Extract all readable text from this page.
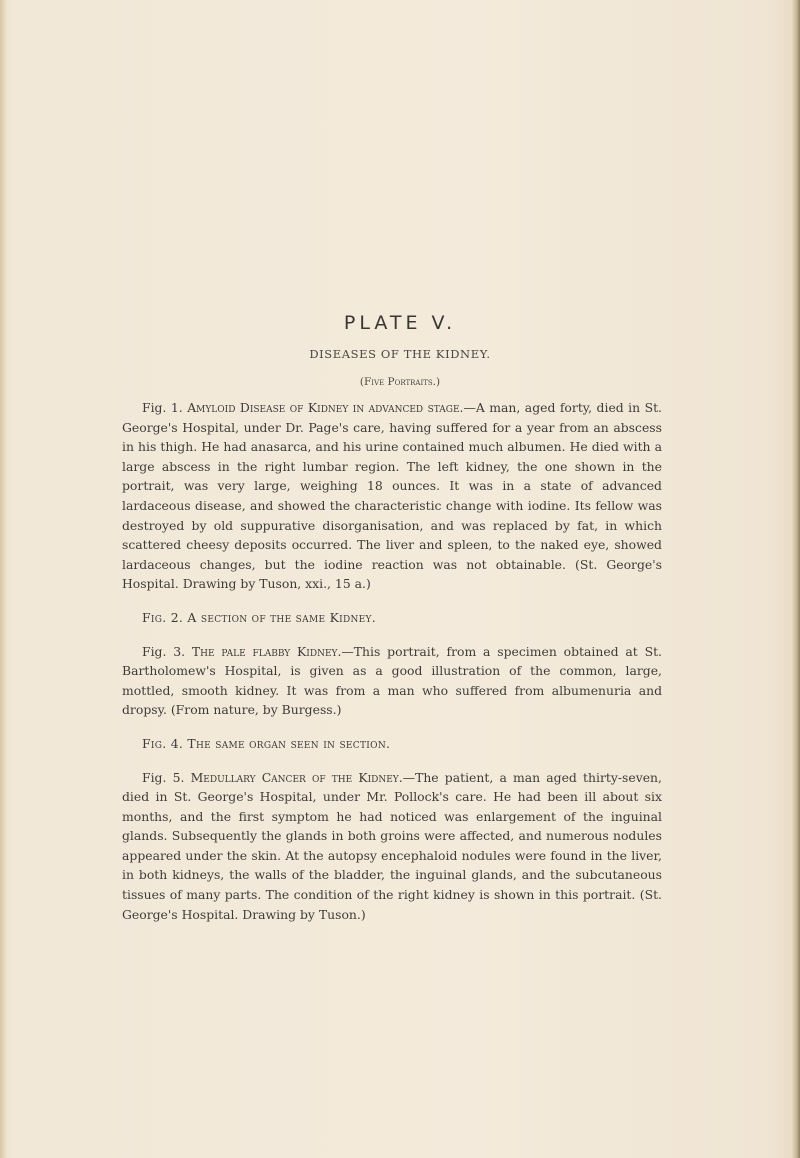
PLATE V.
DISEASES OF THE KIDNEY.
(Five Portraits.)

Fig. 1. Amyloid Disease of Kidney in advanced stage.—A man, aged forty, died in St. George's Hospital, under Dr. Page's care, having suffered for a year from an abscess in his thigh. He had anasarca, and his urine contained much albumen. He died with a large abscess in the right lumbar region. The left kidney, the one shown in the portrait, was very large, weighing 18 ounces. It was in a state of advanced lardaceous disease, and showed the characteristic change with iodine. Its fellow was destroyed by old suppurative disorganisation, and was replaced by fat, in which scattered cheesy deposits occurred. The liver and spleen, to the naked eye, showed lardaceous changes, but the iodine reaction was not obtainable. (St. George's Hospital. Drawing by Tuson, xxi., 15 a.)

Fig. 2. A section of the same Kidney.

Fig. 3. The pale flabby Kidney.—This portrait, from a specimen obtained at St. Bartholomew's Hospital, is given as a good illustration of the common, large, mottled, smooth kidney. It was from a man who suffered from albumenuria and dropsy. (From nature, by Burgess.)

Fig. 4. The same organ seen in section.

Fig. 5. Medullary Cancer of the Kidney.—The patient, a man aged thirty-seven, died in St. George's Hospital, under Mr. Pollock's care. He had been ill about six months, and the first symptom he had noticed was enlargement of the inguinal glands. Subsequently the glands in both groins were affected, and numerous nodules appeared under the skin. At the autopsy encephaloid nodules were found in the liver, in both kidneys, the walls of the bladder, the inguinal glands, and the subcutaneous tissues of many parts. The condition of the right kidney is shown in this portrait. (St. George's Hospital. Drawing by Tuson.)
